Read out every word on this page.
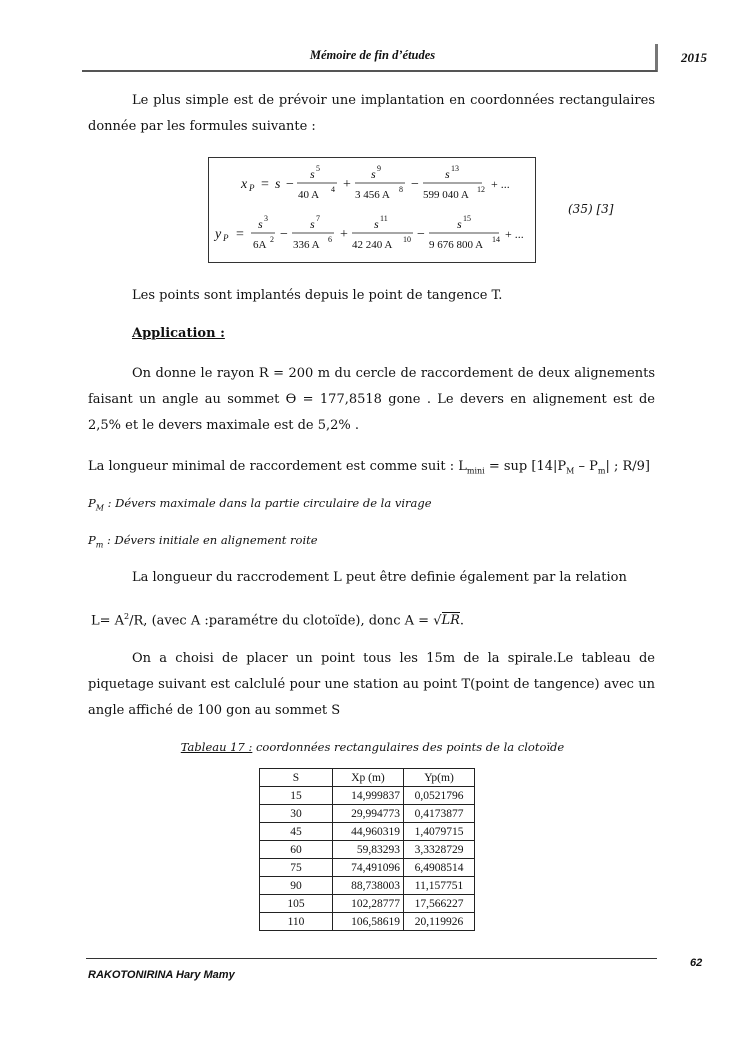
Mémoire de fin d’études	2015
Le plus simple est de prévoir une implantation en coordonnées rectangulaires donnée par les formules suivante :
x P = s −
s 5
40 A 4 +
s 9
3 456 A 8 −
s 13
599 040 A 12 + ...
y P =
s 3
6A 2 −
s 7
336 A 6 +
s 11
42 240 A 10 −
s 15
9 676 800 A 14 + ...
(35) [3]
Les points sont implantés depuis le point de tangence T.
Application :
On donne le rayon R = 200 m du cercle de raccordement de deux alignements faisant un angle au sommet ϴ = 177,8518 gone . Le devers en alignement est de 2,5% et le devers maximale est de 5,2% .
La longueur minimal de raccordement est comme suit : $L_{mini}$ = sup [$14|P_M - P_m|$ ; R/9]
$P_M$ : Dévers maximale dans la partie circulaire de la virage
$P_m$ : Dévers initiale en alignement roite
La longueur du raccrodement L peut être definie également par la relation
$L= A^2/R$, (avec A :paramétre du clotoïde), donc A = √LR.
On a choisi de placer un point tous les 15m de la spirale.Le tableau de piquetage suivant est calclulé pour une station au point T(point de tangence) avec un angle affiché de 100 gon au sommet S
Tableau 17 : coordonnées rectangulaires des points de la clotoïde
S	Xp (m)	Yp(m)
15	14,999837	0,0521796
30	29,994773	0,4173877
45	44,960319	1,4079715
60	59,83293	3,3328729
75	74,491096	6,4908514
90	88,738003	11,157751
105	102,28777	17,566227
110	106,58619	20,119926
62
RAKOTONIRINA Hary Mamy
